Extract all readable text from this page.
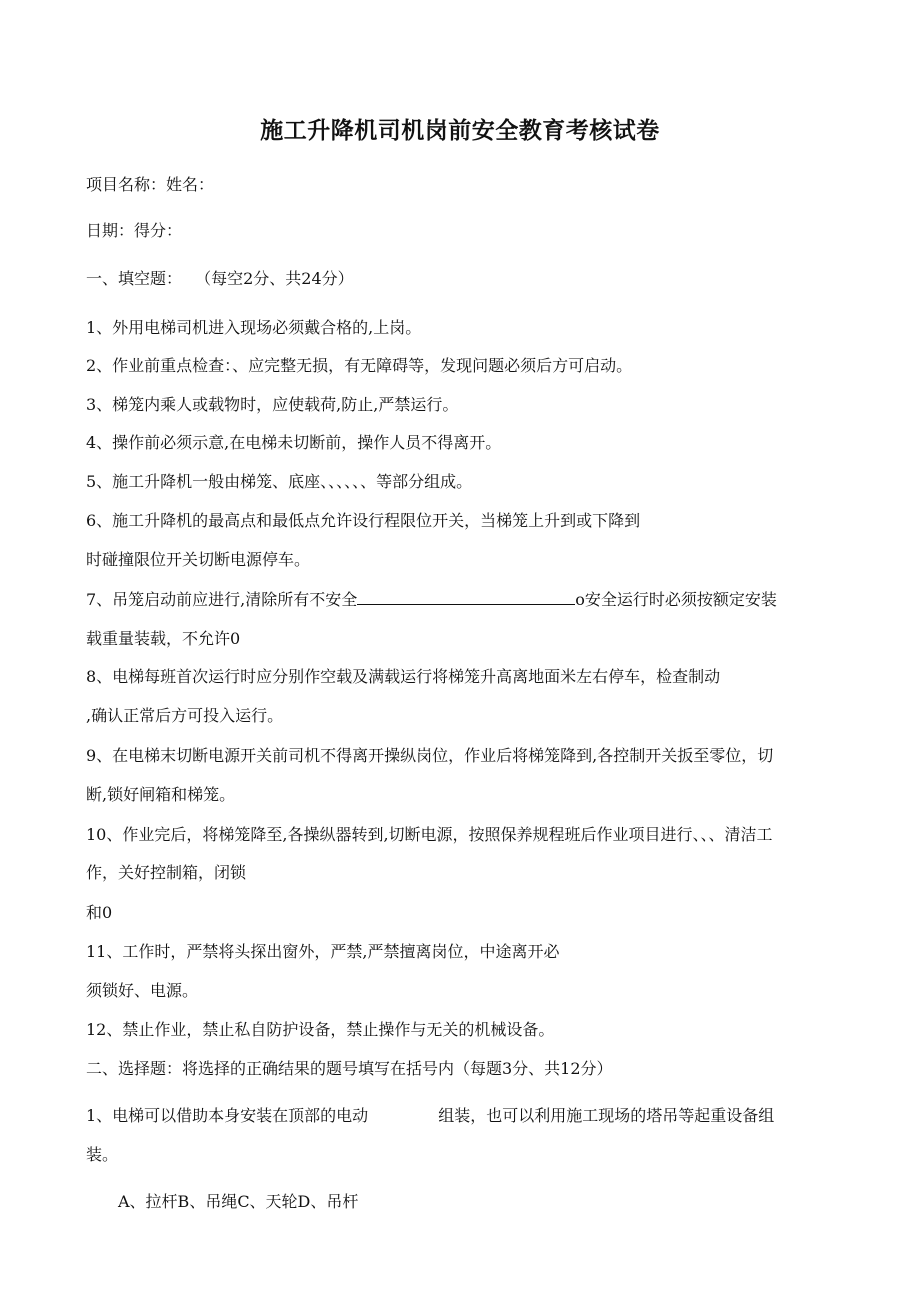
施工升降机司机岗前安全教育考核试卷
项目名称：姓名：
日期：得分：
一、填空题：　 （每空2分、共24分）
1、外用电梯司机进入现场必须戴合格的,上岗。
2、作业前重点检查：、应完整无损，有无障碍等，发现问题必须后方可启动。
3、梯笼内乘人或载物时，应使载荷,防止,严禁运行。
4、操作前必须示意,在电梯未切断前，操作人员不得离开。
5、施工升降机一般由梯笼、底座、、、、、、等部分组成。
6、施工升降机的最高点和最低点允许设行程限位开关，当梯笼上升到或下降到
时碰撞限位开关切断电源停车。
7、吊笼启动前应进行,清除所有不安全	o安全运行时必须按额定安装
载重量装载，不允许0
8、电梯每班首次运行时应分别作空载及满载运行将梯笼升高离地面米左右停车，检查制动
,确认正常后方可投入运行。
9、在电梯末切断电源开关前司机不得离开操纵岗位，作业后将梯笼降到,各控制开关扳至零位，切
断,锁好闸箱和梯笼。
10、作业完后，将梯笼降至,各操纵器转到,切断电源，按照保养规程班后作业项目进行、、、清洁工
作，关好控制箱，闭锁
和0
11、工作时，严禁将头探出窗外，严禁,严禁擅离岗位，中途离开必
须锁好、电源。
12、禁止作业，禁止私自防护设备，禁止操作与无关的机械设备。
二、选择题：将选择的正确结果的题号填写在括号内（每题3分、共12分）
1、电梯可以借助本身安装在顶部的电动	组装，也可以利用施工现场的塔吊等起重设备组
装。
A、拉杆B、吊绳C、天轮D、吊杆
